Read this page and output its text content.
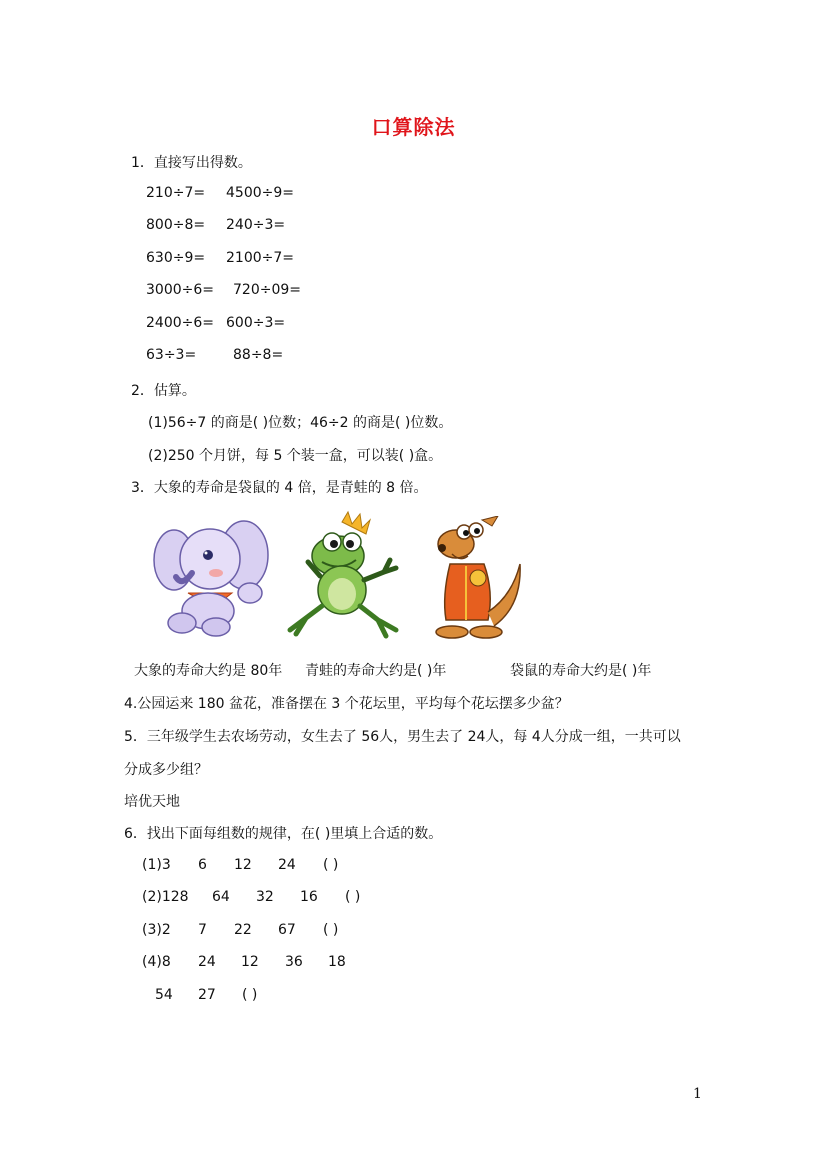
口算除法
1．直接写出得数。
210÷7= 4500÷9=
800÷8= 240÷3=
630÷9= 2100÷7=
3000÷6= 720÷09=
2400÷6= 600÷3=
63÷3=	88÷8=
2．估算。
(1)56÷7 的商是( )位数；46÷2 的商是( )位数。
(2)250 个月饼，每 5 个装一盒，可以装( )盒。
3．大象的寿命是袋鼠的 4 倍，是青蛙的 8 倍。
大象的寿命大约是 80年 青蛙的寿命大约是( )年	袋鼠的寿命大约是( )年
4.公园运来 180 盆花，准备摆在 3 个花坛里，平均每个花坛摆多少盆？
5．三年级学生去农场劳动，女生去了 56人，男生去了 24人，每 4人分成一组，一共可以
分成多少组？
培优天地
6．找出下面每组数的规律，在( )里填上合适的数。
(1)3 6 12 24 ( )
(2)128 64 32 16 ( )
(3)2 7 22 67 ( )
(4)8 24 12 36 18
54 27 ( )
1
